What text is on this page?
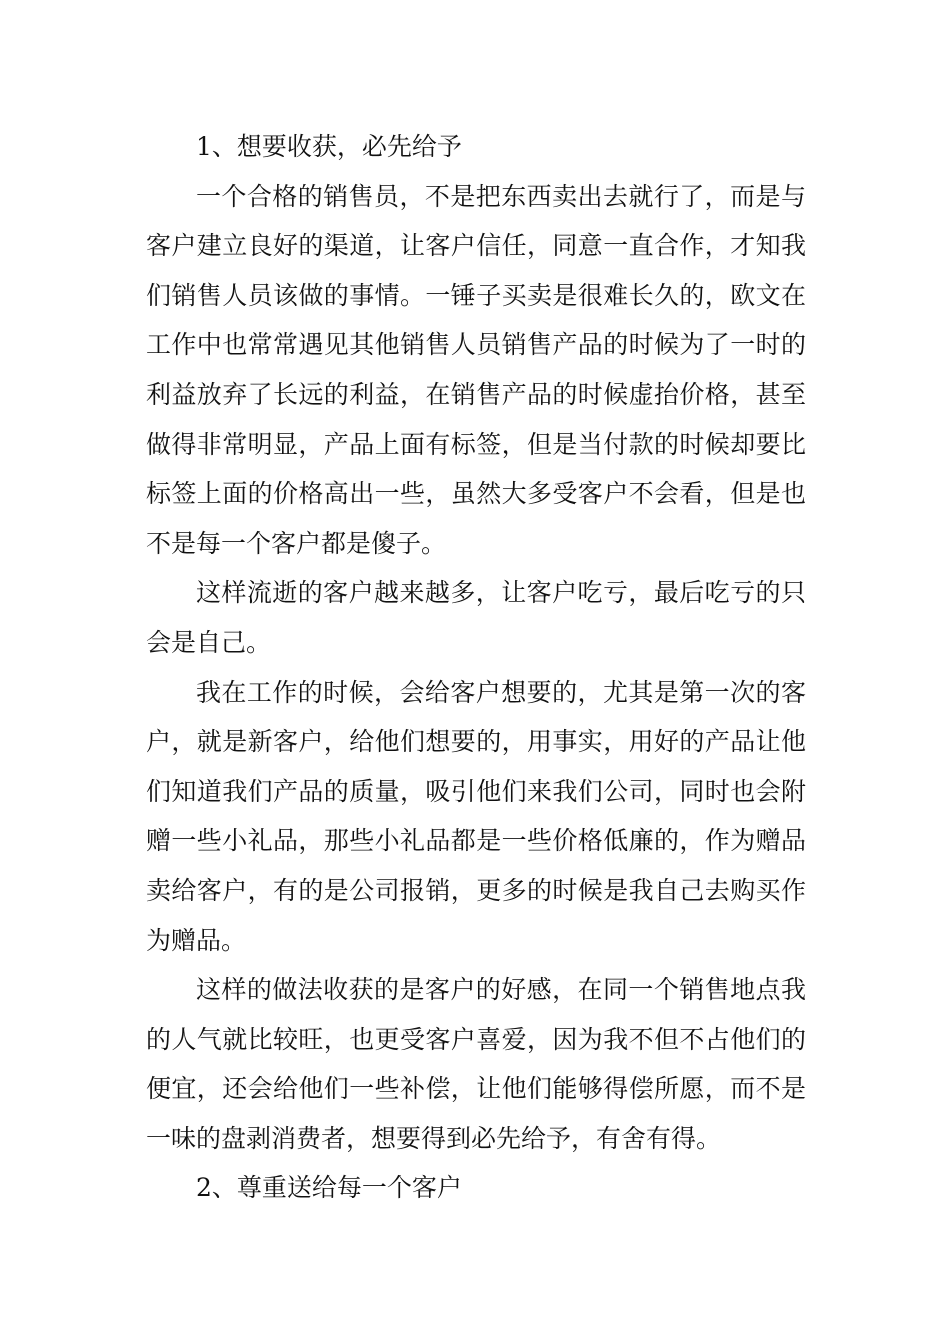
1、想要收获，必先给予

一个合格的销售员，不是把东西卖出去就行了，而是与客户建立良好的渠道，让客户信任，同意一直合作，才知我们销售人员该做的事情。一锤子买卖是很难长久的，欧文在工作中也常常遇见其他销售人员销售产品的时候为了一时的利益放弃了长远的利益，在销售产品的时候虚抬价格，甚至做得非常明显，产品上面有标签，但是当付款的时候却要比标签上面的价格高出一些，虽然大多受客户不会看，但是也不是每一个客户都是傻子。

这样流逝的客户越来越多，让客户吃亏，最后吃亏的只会是自己。

我在工作的时候，会给客户想要的，尤其是第一次的客户，就是新客户，给他们想要的，用事实，用好的产品让他们知道我们产品的质量，吸引他们来我们公司，同时也会附赠一些小礼品，那些小礼品都是一些价格低廉的，作为赠品卖给客户，有的是公司报销，更多的时候是我自己去购买作为赠品。

这样的做法收获的是客户的好感，在同一个销售地点我的人气就比较旺，也更受客户喜爱，因为我不但不占他们的便宜，还会给他们一些补偿，让他们能够得偿所愿，而不是一味的盘剥消费者，想要得到必先给予，有舍有得。

2、尊重送给每一个客户
